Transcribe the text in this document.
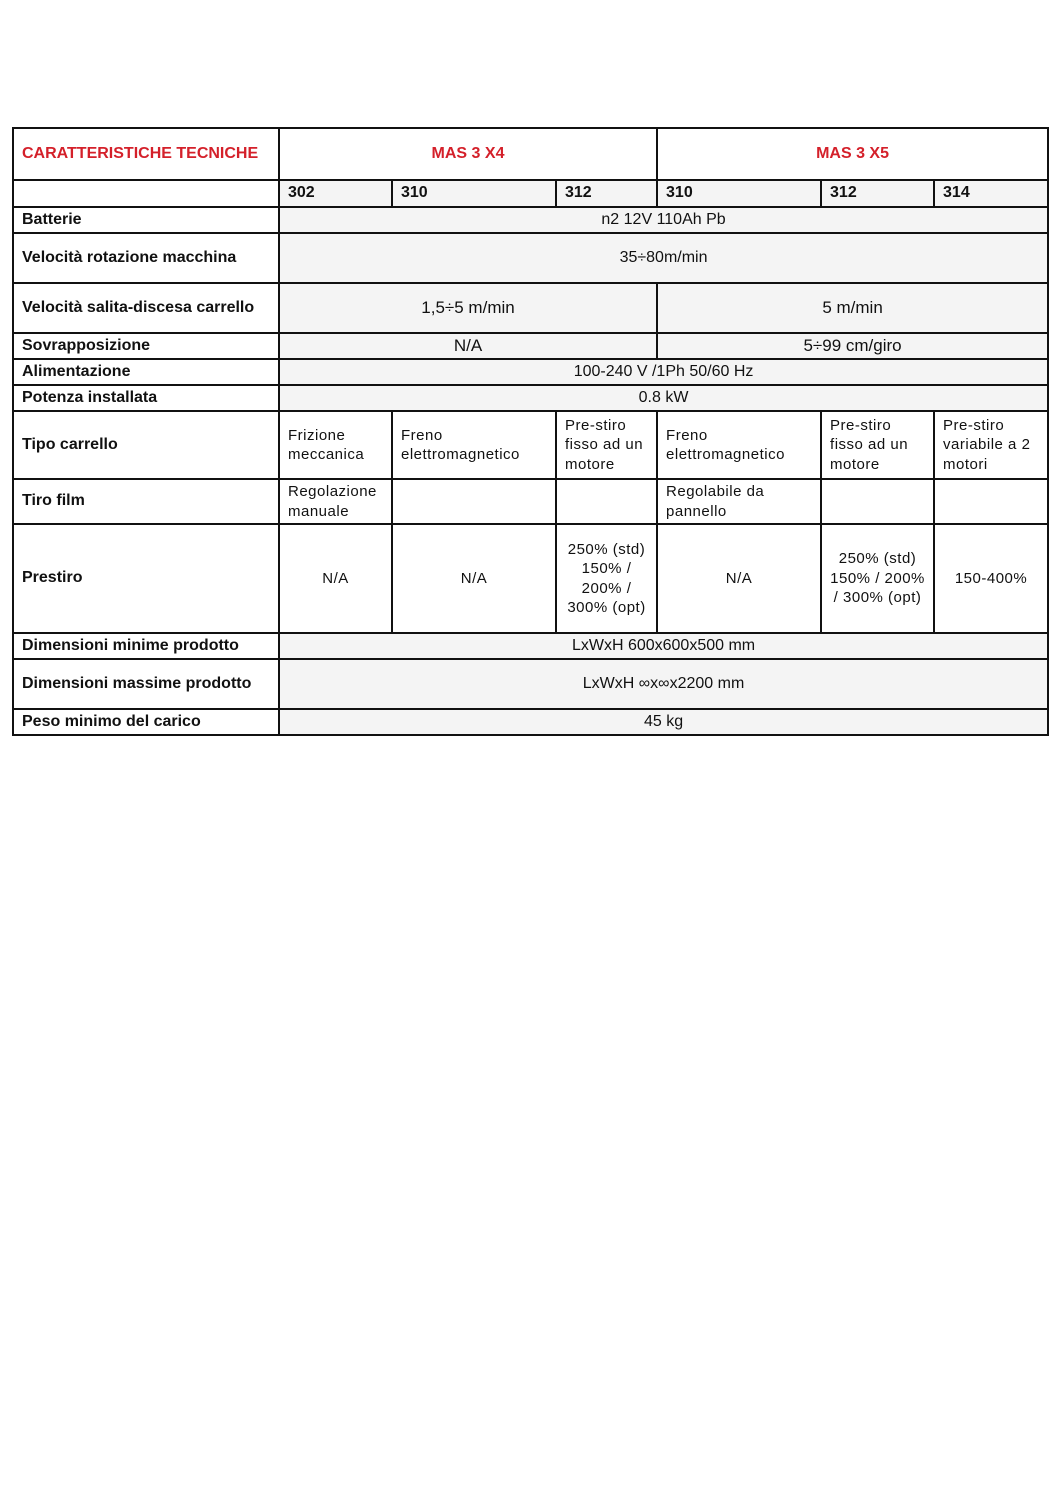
CARATTERISTICHE TECNICHE	MAS 3 X4			MAS 3 X5		
	302	310	312	310	312	314
Batterie	n2 12V 110Ah Pb					
Velocità rotazione macchina	35÷80m/min					
Velocità salita-discesa carrello	1,5÷5 m/min			5 m/min		
Sovrapposizione	N/A			5÷99 cm/giro		
Alimentazione	100-240 V /1Ph 50/60 Hz					
Potenza installata	0.8 kW					
Tipo carrello	Frizione meccanica	Freno elettromagnetico	Pre-stiro fisso ad un motore	Freno elettromagnetico	Pre-stiro fisso ad un motore	Pre-stiro variabile a 2 motori
Tiro film	Regolazione manuale			Regolabile da pannello		
Prestiro	N/A	N/A	250% (std) 150% / 200% / 300% (opt)	N/A	250% (std) 150% / 200% / 300% (opt)	150-400%
Dimensioni minime prodotto	LxWxH 600x600x500 mm					
Dimensioni massime prodotto	LxWxH ∞x∞x2200 mm					
Peso minimo del carico	45 kg					
